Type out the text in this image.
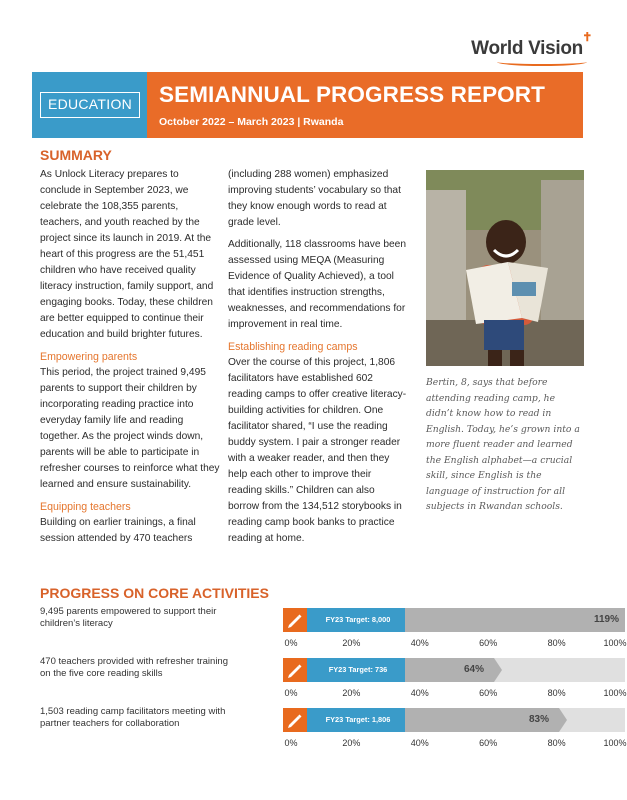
World Vision
✝
EDUCATION	SEMIANNUAL PROGRESS REPORT
October 2022 – March 2023 | Rwanda
SUMMARY

As Unlock Literacy prepares to conclude in September 2023, we celebrate the 108,355 parents, teachers, and youth reached by the project since its launch in 2019. At the heart of this progress are the 51,451 children who have received quality literacy instruction, family support, and engaging books. Today, these children are better equipped to continue their education and build brighter futures.

Empowering parents

This period, the project trained 9,495 parents to support their children by incorporating reading practice into everyday family life and reading together. As the project winds down, parents will be able to participate in refresher courses to reinforce what they learned and ensure sustainability.

Equipping teachers

Building on earlier trainings, a final session attended by 470 teachers

(including 288 women) emphasized improving students’ vocabulary so that they know enough words to read at grade level.

Additionally, 118 classrooms have been assessed using MEQA (Measuring Evidence of Quality Achieved), a tool that identifies instruction strengths, weaknesses, and recommendations for improvement in real time.

Establishing reading camps

Over the course of this project, 1,806 facilitators have established 602 reading camps to offer creative literacy-building activities for children. One facilitator shared, “I use the reading buddy system. I pair a stronger reader with a weaker reader, and then they help each other to improve their reading skills.” Children can also borrow from the 134,512 storybooks in reading camp book banks to practice reading at home.

Bertin, 8, says that before attending reading camp, he didn’t know how to read in English. Today, he’s grown into a more fluent reader and learned the English alphabet—a crucial skill, since English is the language of instruction for all subjects in Rwandan schools.
PROGRESS ON CORE ACTIVITIES
9,495 parents empowered to support their children’s literacy	FY23 Target: 8,000	119%
0%	20%	40%	60%	80%	100%
470 teachers provided with refresher training on the five core reading skills	FY23 Target: 736	64%
0%	20%	40%	60%	80%	100%
1,503 reading camp facilitators meeting with partner teachers for collaboration	FY23 Target: 1,806	83%
0%	20%	40%	60%	80%	100%
